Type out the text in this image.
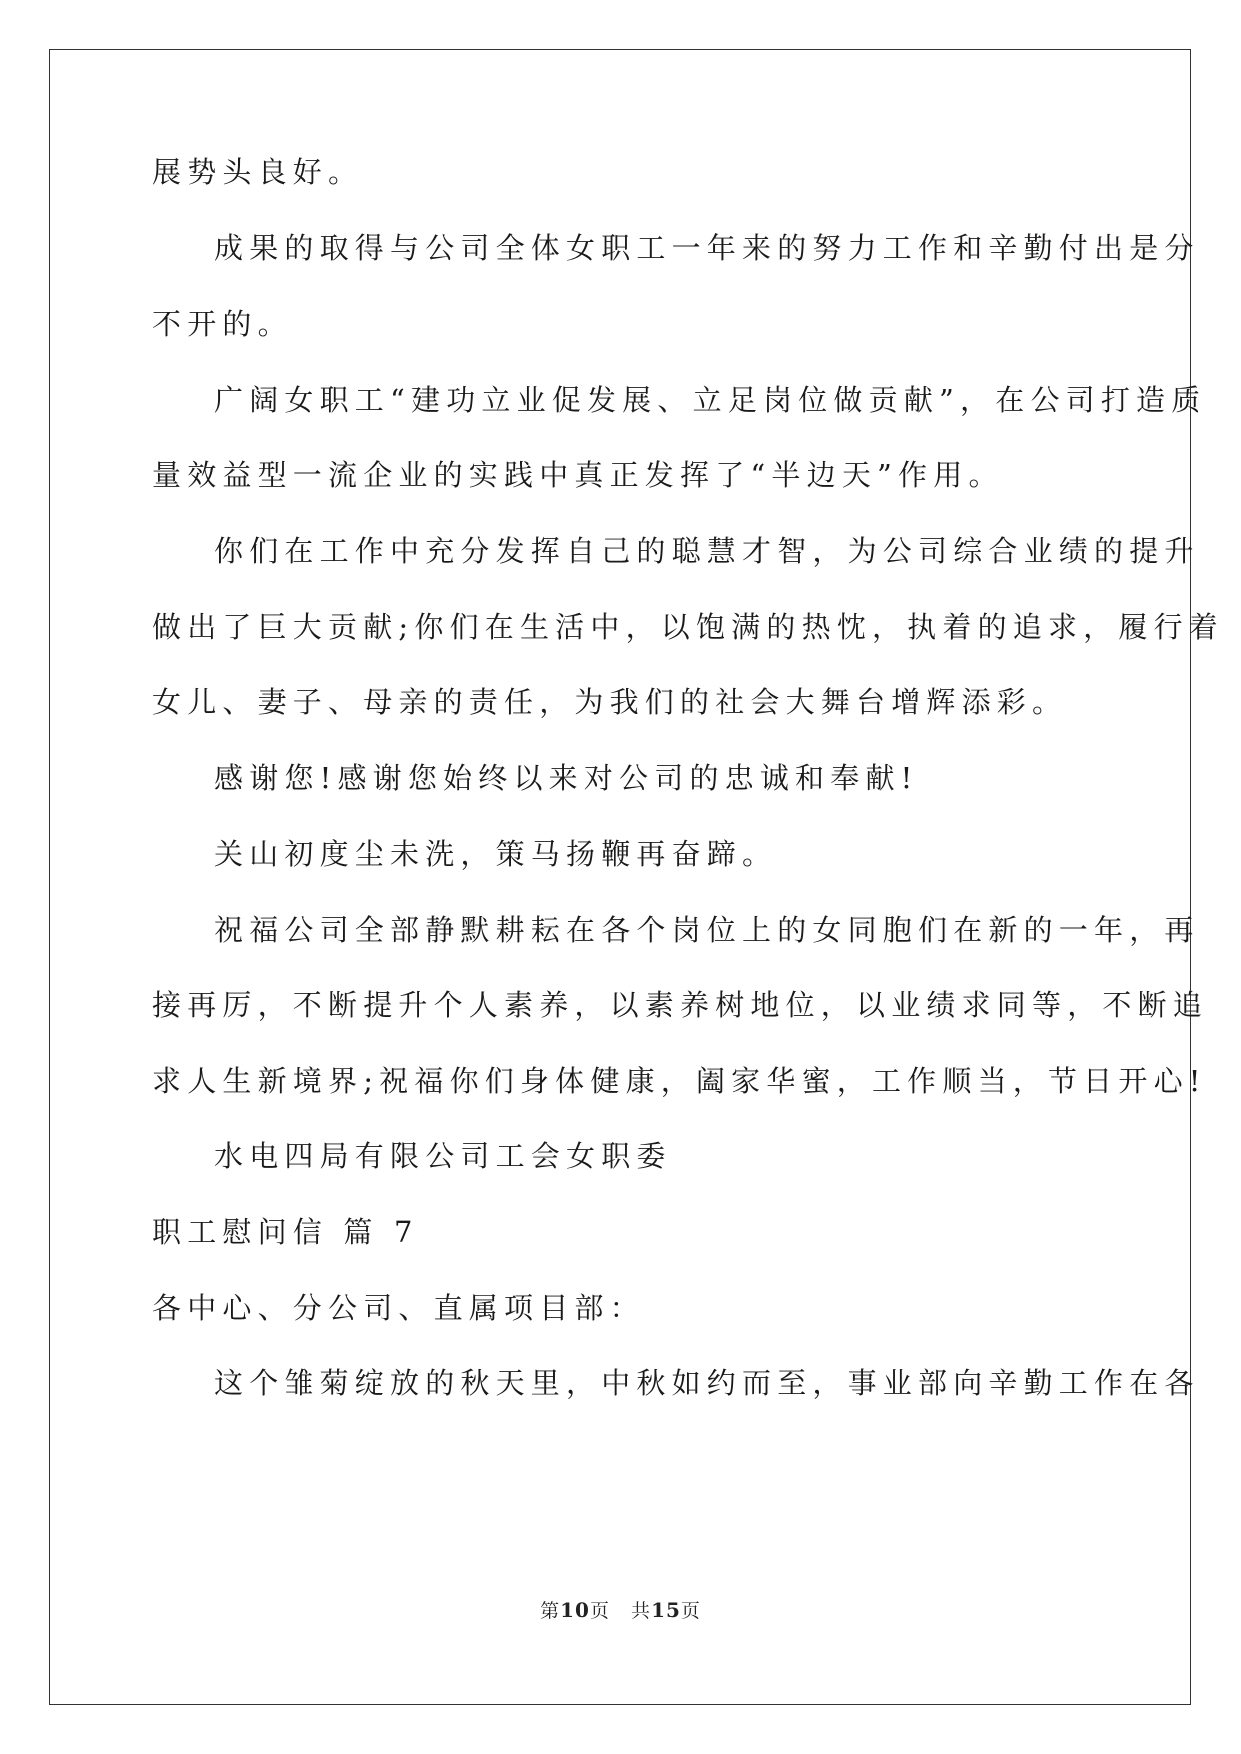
展势头良好。
成果的取得与公司全体女职工一年来的努力工作和辛勤付出是分
不开的。
广阔女职工“建功立业促发展、立足岗位做贡献”，在公司打造质
量效益型一流企业的实践中真正发挥了“半边天”作用。
你们在工作中充分发挥自己的聪慧才智，为公司综合业绩的提升
做出了巨大贡献;你们在生活中，以饱满的热忱，执着的追求，履行着
女儿、妻子、母亲的责任，为我们的社会大舞台增辉添彩。
感谢您!感谢您始终以来对公司的忠诚和奉献!
关山初度尘未洗，策马扬鞭再奋蹄。
祝福公司全部静默耕耘在各个岗位上的女同胞们在新的一年，再
接再厉，不断提升个人素养，以素养树地位，以业绩求同等，不断追
求人生新境界;祝福你们身体健康，阖家华蜜，工作顺当，节日开心!
水电四局有限公司工会女职委
职工慰问信 篇 7
各中心、分公司、直属项目部：
这个雏菊绽放的秋天里，中秋如约而至，事业部向辛勤工作在各
第10页   共15页
